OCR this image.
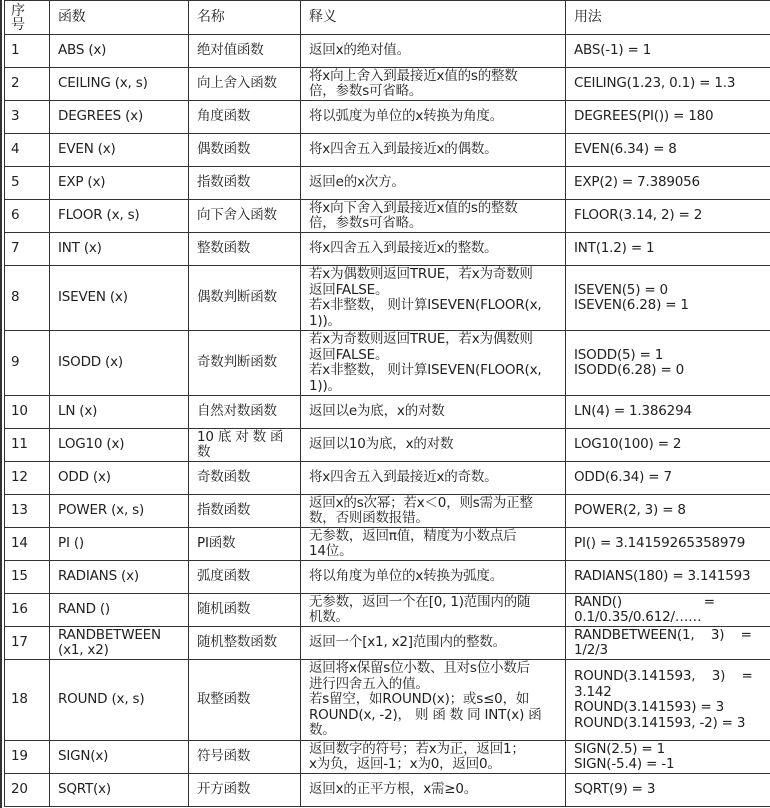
序
号	函数	名称	释义	用法
1	ABS (x)	绝对值函数	返回x的绝对值。	ABS(-1) = 1

2	CEILING (x, s)	向上舍入函数	将x向上舍入到最接近x值的s的整数
倍，参数s可省略。	CEILING(1.23, 0.1) = 1.3

3	DEGREES (x)	角度函数	将以弧度为单位的x转换为角度。	DEGREES(PI()) = 180

4	EVEN (x)	偶数函数	将x四舍五入到最接近x的偶数。	EVEN(6.34) = 8

5	EXP (x)	指数函数	返回e的x次方。	EXP(2) = 7.389056

6	FLOOR (x, s)	向下舍入函数	将x向下舍入到最接近x值的s的整数
倍，参数s可省略。	FLOOR(3.14, 2) = 2

7	INT (x)	整数函数	将x四舍五入到最接近x的整数。	INT(1.2) = 1

8	ISEVEN (x)	偶数判断函数	若x为偶数则返回TRUE，若x为奇数则
返回FALSE。
若x非整数， 则计算ISEVEN(FLOOR(x,
1))。	ISEVEN(5) = 0
ISEVEN(6.28) = 1

9	ISODD (x)	奇数判断函数	若x为奇数则返回TRUE，若x为偶数则
返回FALSE。
若x非整数， 则计算ISEVEN(FLOOR(x,
1))。	ISODD(5) = 1
ISODD(6.28) = 0

10	LN (x)	自然对数函数	返回以e为底，x的对数	LN(4) = 1.386294

11	LOG10 (x)	10 底 对 数 函
数	返回以10为底，x的对数	LOG10(100) = 2

12	ODD (x)	奇数函数	将x四舍五入到最接近x的奇数。	ODD(6.34) = 7

13	POWER (x, s)	指数函数	返回x的s次幂；若x＜0，则s需为正整
数，否则函数报错。	POWER(2, 3) = 8

14	PI ()	PI函数	无参数，返回π值，精度为小数点后
14位。	PI() = 3.14159265358979

15	RADIANS (x)	弧度函数	将以角度为单位的x转换为弧度。	RADIANS(180) = 3.141593

16	RAND ()	随机函数	无参数，返回一个在[0, 1)范围内的随
机数。	RAND()                    =
0.1/0.35/0.612/……

17	RANDBETWEEN
(x1, x2)	随机整数函数	返回一个[x1, x2]范围内的整数。	RANDBETWEEN(1,    3)    =
1/2/3

18	ROUND (x, s)	取整函数	返回将x保留s位小数、且对s位小数后
进行四舍五入的值。
若s留空，如ROUND(x)；或s≤0，如
ROUND(x, -2)， 则 函 数 同 INT(x) 函
数。	ROUND(3.141593,    3)    =
3.142
ROUND(3.141593) = 3
ROUND(3.141593, -2) = 3

19	SIGN(x)	符号函数	返回数字的符号；若x为正，返回1；
x为负，返回-1；x为0，返回0。	SIGN(2.5) = 1
SIGN(-5.4) = -1

20	SQRT(x)	开方函数	返回x的正平方根，x需≥0。	SQRT(9) = 3
